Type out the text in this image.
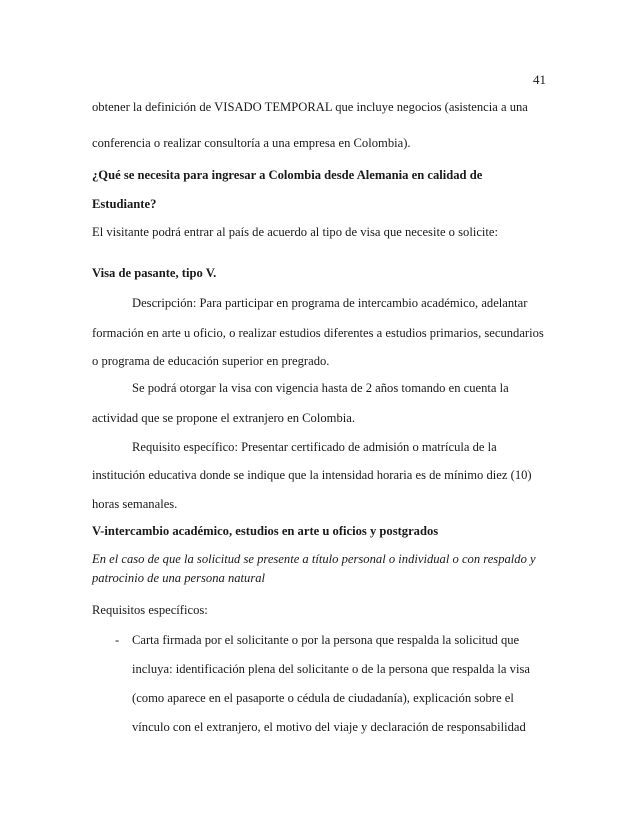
41
obtener la definición de VISADO TEMPORAL que incluye negocios (asistencia a una
conferencia o realizar consultoría a una empresa en Colombia).
¿Qué se necesita para ingresar a Colombia desde Alemania en calidad de
Estudiante?
El visitante podrá entrar al país de acuerdo al tipo de visa que necesite o solicite:
Visa de pasante, tipo V.
Descripción: Para participar en programa de intercambio académico, adelantar
formación en arte u oficio, o realizar estudios diferentes a estudios primarios, secundarios
o programa de educación superior en pregrado.
Se podrá otorgar la visa con vigencia hasta de 2 años tomando en cuenta la
actividad que se propone el extranjero en Colombia.
Requisito específico: Presentar certificado de admisión o matrícula de la
institución educativa donde se indique que la intensidad horaria es de mínimo diez (10)
horas semanales.
V-intercambio académico, estudios en arte u oficios y postgrados
En el caso de que la solicitud se presente a título personal o individual o con respaldo y
patrocinio de una persona natural
Requisitos específicos:
- Carta firmada por el solicitante o por la persona que respalda la solicitud que
incluya: identificación plena del solicitante o de la persona que respalda la visa
(como aparece en el pasaporte o cédula de ciudadanía), explicación sobre el
vínculo con el extranjero, el motivo del viaje y declaración de responsabilidad
